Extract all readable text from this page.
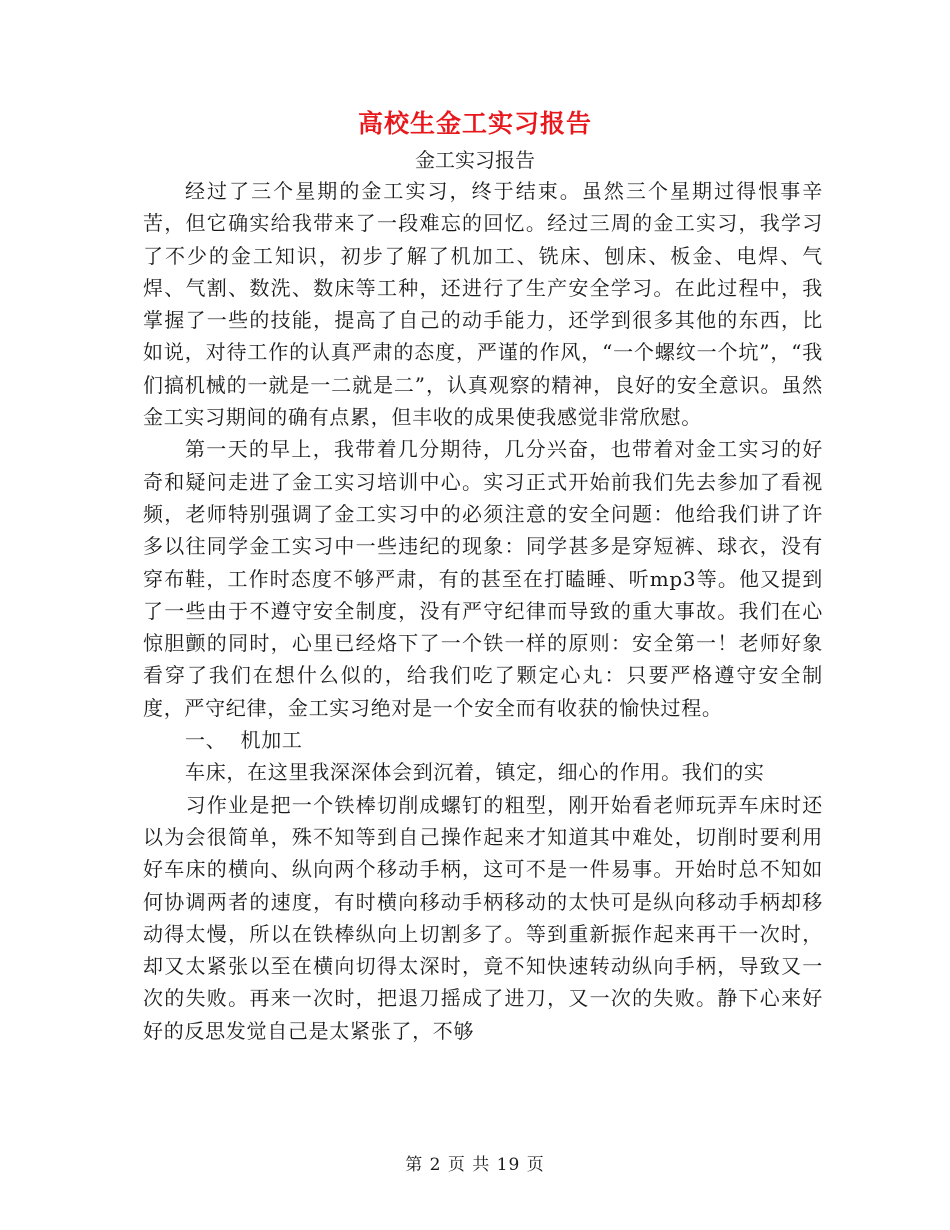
高校生金工实习报告
金工实习报告

经过了三个星期的金工实习，终于结束。虽然三个星期过得恨事辛苦，但它确实给我带来了一段难忘的回忆。经过三周的金工实习，我学习了不少的金工知识，初步了解了机加工、铣床、刨床、板金、电焊、气焊、气割、数洗、数床等工种，还进行了生产安全学习。在此过程中，我掌握了一些的技能，提高了自己的动手能力，还学到很多其他的东西，比如说，对待工作的认真严肃的态度，严谨的作风，“一个螺纹一个坑”，“我们搞机械的一就是一二就是二”，认真观察的精神，良好的安全意识。虽然金工实习期间的确有点累，但丰收的成果使我感觉非常欣慰。

第一天的早上，我带着几分期待，几分兴奋，也带着对金工实习的好奇和疑问走进了金工实习培训中心。实习正式开始前我们先去参加了看视频，老师特别强调了金工实习中的必须注意的安全问题：他给我们讲了许多以往同学金工实习中一些违纪的现象：同学甚多是穿短裤、球衣，没有穿布鞋，工作时态度不够严肃，有的甚至在打瞌睡、听mp3等。他又提到了一些由于不遵守安全制度，没有严守纪律而导致的重大事故。我们在心惊胆颤的同时，心里已经烙下了一个铁一样的原则：安全第一！老师好象看穿了我们在想什么似的，给我们吃了颗定心丸：只要严格遵守安全制度，严守纪律，金工实习绝对是一个安全而有收获的愉快过程。

一、  机加工

车床，在这里我深深体会到沉着，镇定，细心的作用。我们的实

习作业是把一个铁棒切削成螺钉的粗型，刚开始看老师玩弄车床时还以为会很简单，殊不知等到自己操作起来才知道其中难处，切削时要利用好车床的横向、纵向两个移动手柄，这可不是一件易事。开始时总不知如何协调两者的速度，有时横向移动手柄移动的太快可是纵向移动手柄却移动得太慢，所以在铁棒纵向上切割多了。等到重新振作起来再干一次时，却又太紧张以至在横向切得太深时，竟不知快速转动纵向手柄，导致又一次的失败。再来一次时，把退刀摇成了进刀，又一次的失败。静下心来好好的反思发觉自己是太紧张了，不够

第 2 页 共 19 页
